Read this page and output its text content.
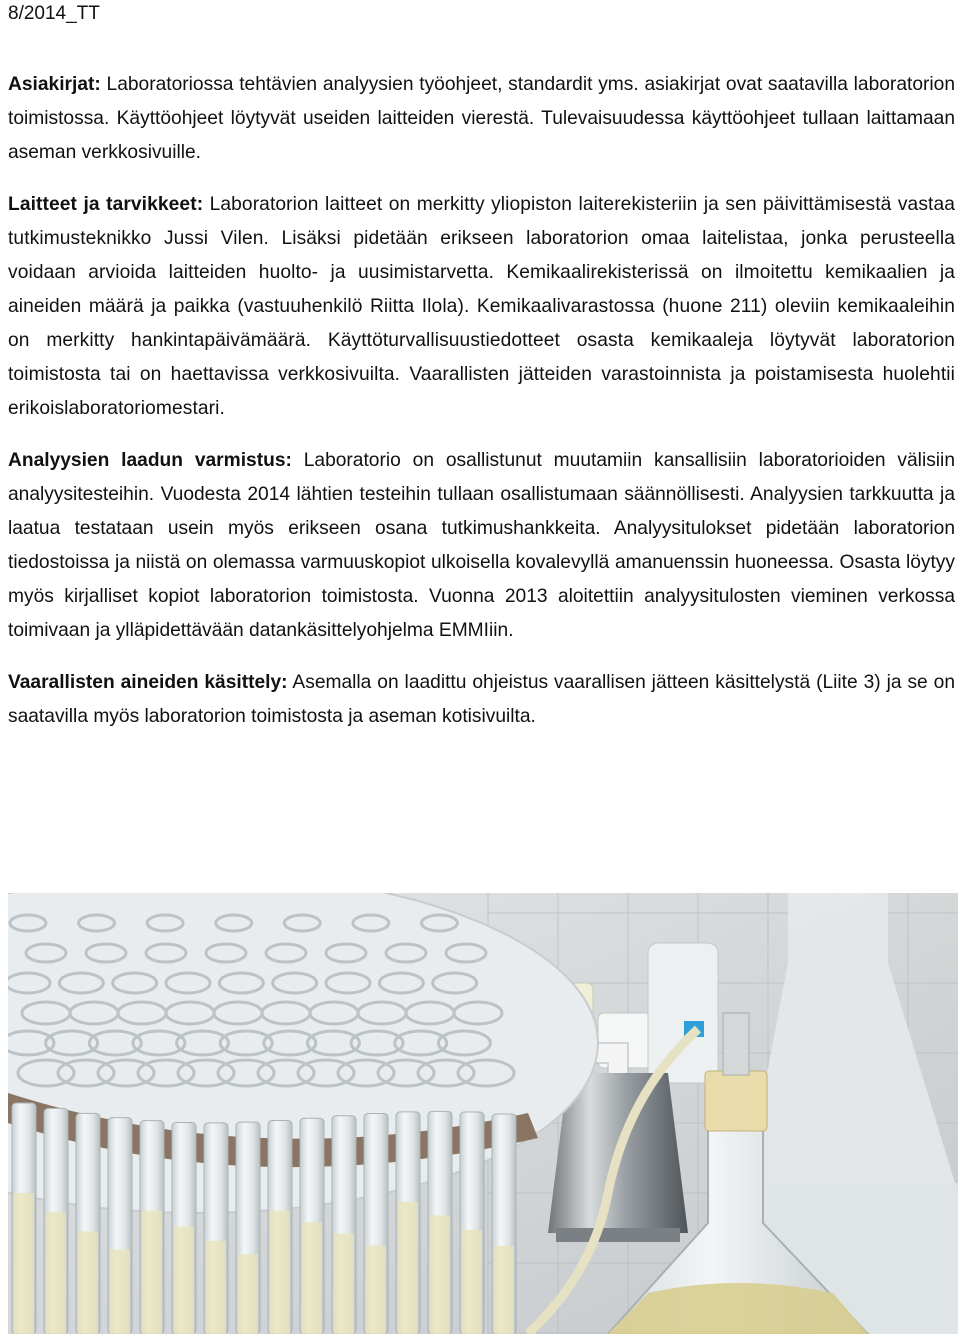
8/2014_TT

Asiakirjat: Laboratoriossa tehtävien analyysien työohjeet, standardit yms. asiakirjat ovat saatavilla laboratorion toimistossa. Käyttöohjeet löytyvät useiden laitteiden vierestä. Tulevaisuudessa käyttöohjeet tullaan laittamaan aseman verkkosivuille.

Laitteet ja tarvikkeet: Laboratorion laitteet on merkitty yliopiston laiterekisteriin ja sen päivittämisestä vastaa tutkimusteknikko Jussi Vilen. Lisäksi pidetään erikseen laboratorion omaa laitelistaa, jonka perusteella voidaan arvioida laitteiden huolto- ja uusimistarvetta. Kemikaalirekisterissä on ilmoitettu kemikaalien ja aineiden määrä ja paikka (vastuuhenkilö Riitta Ilola). Kemikaalivarastossa (huone 211) oleviin kemikaaleihin on merkitty hankintapäivämäärä. Käyttöturvallisuustiedotteet osasta kemikaaleja löytyvät laboratorion toimistosta tai on haettavissa verkkosivuilta. Vaarallisten jätteiden varastoinnista ja poistamisesta huolehtii erikoislaboratoriomestari.

Analyysien laadun varmistus: Laboratorio on osallistunut muutamiin kansallisiin laboratorioiden välisiin analyysitesteihin. Vuodesta 2014 lähtien testeihin tullaan osallistumaan säännöllisesti. Analyysien tarkkuutta ja laatua testataan usein myös erikseen osana tutkimushankkeita. Analyysitulokset pidetään laboratorion tiedostoissa ja niistä on olemassa varmuuskopiot ulkoisella kovalevyllä amanuenssin huoneessa. Osasta löytyy myös kirjalliset kopiot laboratorion toimistosta. Vuonna 2013 aloitettiin analyysitulosten vieminen verkossa toimivaan ja ylläpidettävään datankäsittelyohjelma EMMIiin.

Vaarallisten aineiden käsittely: Asemalla on laadittu ohjeistus vaarallisen jätteen käsittelystä (Liite 3) ja se on saatavilla myös laboratorion toimistosta ja aseman kotisivuilta.
